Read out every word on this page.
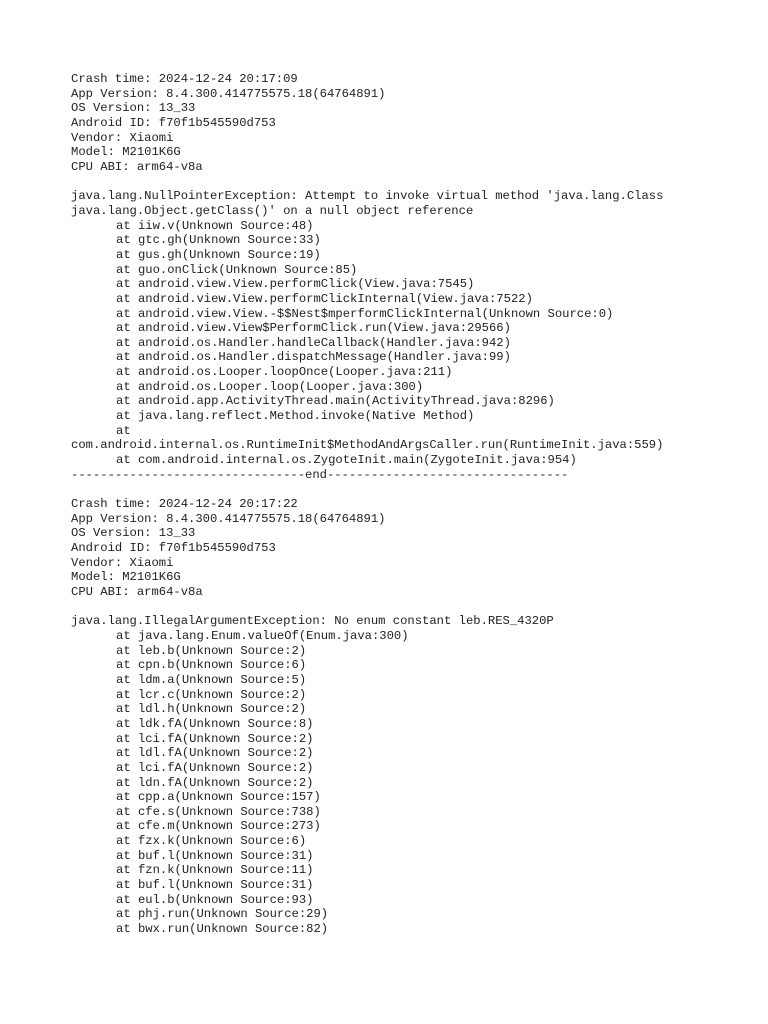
Crash time: 2024-12-24 20:17:09
App Version: 8.4.300.414775575.18(64764891)
OS Version: 13_33
Android ID: f70f1b545590d753
Vendor: Xiaomi
Model: M2101K6G
CPU ABI: arm64-v8a
java.lang.NullPointerException: Attempt to invoke virtual method 'java.lang.Class
java.lang.Object.getClass()' on a null object reference
at iiw.v(Unknown Source:48)
at gtc.gh(Unknown Source:33)
at gus.gh(Unknown Source:19)
at guo.onClick(Unknown Source:85)
at android.view.View.performClick(View.java:7545)
at android.view.View.performClickInternal(View.java:7522)
at android.view.View.-$$Nest$mperformClickInternal(Unknown Source:0)
at android.view.View$PerformClick.run(View.java:29566)
at android.os.Handler.handleCallback(Handler.java:942)
at android.os.Handler.dispatchMessage(Handler.java:99)
at android.os.Looper.loopOnce(Looper.java:211)
at android.os.Looper.loop(Looper.java:300)
at android.app.ActivityThread.main(ActivityThread.java:8296)
at java.lang.reflect.Method.invoke(Native Method)
at
com.android.internal.os.RuntimeInit$MethodAndArgsCaller.run(RuntimeInit.java:559)
at com.android.internal.os.ZygoteInit.main(ZygoteInit.java:954)
--------------------------------end---------------------------------
Crash time: 2024-12-24 20:17:22
App Version: 8.4.300.414775575.18(64764891)
OS Version: 13_33
Android ID: f70f1b545590d753
Vendor: Xiaomi
Model: M2101K6G
CPU ABI: arm64-v8a
java.lang.IllegalArgumentException: No enum constant leb.RES_4320P
at java.lang.Enum.valueOf(Enum.java:300)
at leb.b(Unknown Source:2)
at cpn.b(Unknown Source:6)
at ldm.a(Unknown Source:5)
at lcr.c(Unknown Source:2)
at ldl.h(Unknown Source:2)
at ldk.fA(Unknown Source:8)
at lci.fA(Unknown Source:2)
at ldl.fA(Unknown Source:2)
at lci.fA(Unknown Source:2)
at ldn.fA(Unknown Source:2)
at cpp.a(Unknown Source:157)
at cfe.s(Unknown Source:738)
at cfe.m(Unknown Source:273)
at fzx.k(Unknown Source:6)
at buf.l(Unknown Source:31)
at fzn.k(Unknown Source:11)
at buf.l(Unknown Source:31)
at eul.b(Unknown Source:93)
at phj.run(Unknown Source:29)
at bwx.run(Unknown Source:82)
